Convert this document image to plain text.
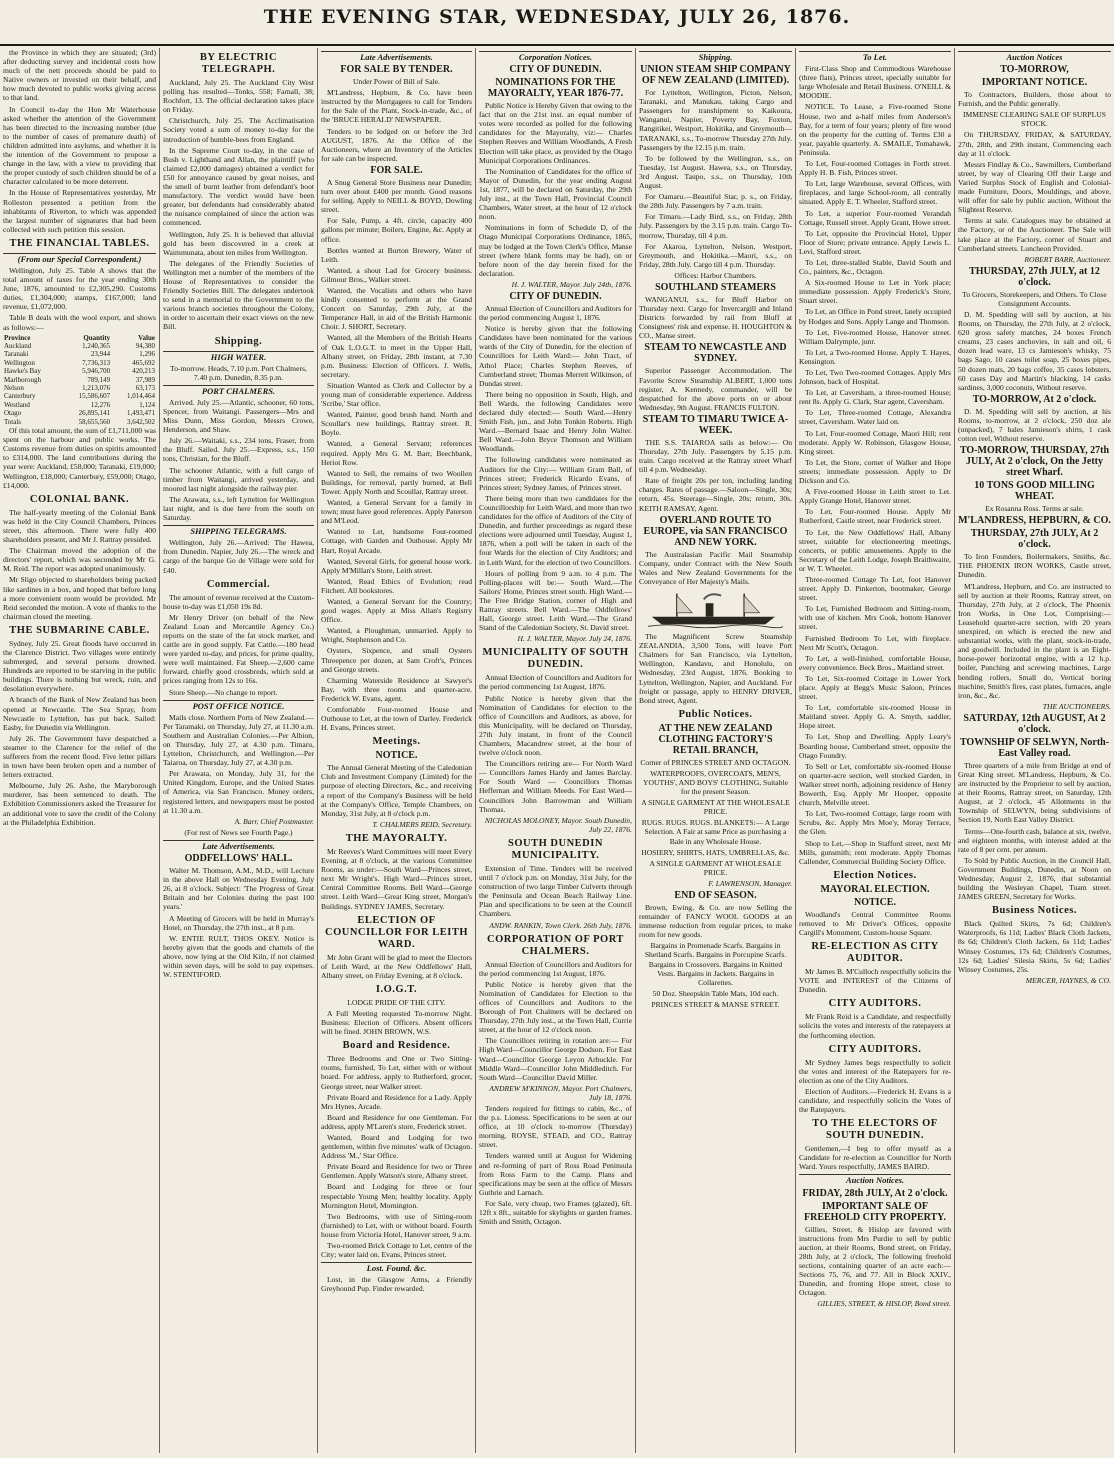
THE EVENING STAR, WEDNESDAY, JULY 26, 1876.

the Province in which they are situated; (3rd) after deducting survey and incidental costs how much of the nett proceeds should be paid to Native owners or invested on their behalf, and how much devoted to public works giving access to that land.

In Council to-day the Hon Mr Waterhouse asked whether the attention of the Government has been directed to the increasing number (due to the number of cases of premature death) of children admitted into asylums, and whether it is the intention of the Government to propose a change in the law, with a view to providing that the proper custody of such children should be of a character calculated to be more deterrent.

In the House of Representatives yesterday, Mr Rolleston presented a petition from the inhabitants of Riverton, to which was appended the largest number of signatures that had been collected with such petition this session.

THE FINANCIAL TABLES.
(From our Special Correspondent.)

Wellington, July 25. Table A shows that the total amount of taxes for the year ending 30th June, 1876, amounted to £2,305,290. Customs duties, £1,304,000; stamps, £167,000; land revenue, £1,072,000.

Table B deals with the wool export, and shows as follows:—

Province	Quantity	Value
Auckland	1,240,365	94,380
Taranaki	23,944	1,296
Wellington	7,736,313	465,692
Hawke's Bay	5,946,700	420,213
Marlborough	789,149	37,989
Nelson	1,213,076	63,173
Canterbury	15,586,607	1,014,464
Westland	12,276	1,124
Otago	26,895,141	1,493,471
Totals	58,655,560	3,642,502

Of this total amount, the sum of £1,711,000 was spent on the harbour and public works. The Customs revenue from duties on spirits amounted to £314,000. The land contributions during the year were: Auckland, £58,000; Taranaki, £19,000; Wellington, £18,000; Canterbury, £59,000; Otago, £14,000.

COLONIAL BANK.

The half-yearly meeting of the Colonial Bank was held in the City Council Chambers, Princes street, this afternoon. There were fully 400 shareholders present, and Mr J. Rattray presided.

The Chairman moved the adoption of the directors' report, which was seconded by Mr G. M. Reid. The report was adopted unanimously.

Mr Sligo objected to shareholders being packed like sardines in a box, and hoped that before long a more convenient room would be provided. Mr Reid seconded the motion. A vote of thanks to the chairman closed the meeting.

THE SUBMARINE CABLE.

Sydney, July 25. Great floods have occurred in the Clarence District. Two villages were entirely submerged, and several persons drowned. Hundreds are reported to be starving in the public buildings. There is nothing but wreck, ruin, and desolation everywhere.

A branch of the Bank of New Zealand has been opened at Newcastle. The Sea Spray, from Newcastle to Lyttelton, has put back. Sailed: Easby, for Dunedin via Wellington.

July 26. The Government have despatched a steamer to the Clarence for the relief of the sufferers from the recent flood. Five letter pillars in town have been broken open and a number of letters extracted.

Melbourne, July 26. Ashe, the Maryborough murderer, has been sentenced to death. The Exhibition Commissioners asked the Treasurer for an additional vote to save the credit of the Colony at the Philadelphia Exhibition.

BY ELECTRIC TELEGRAPH.

Auckland, July 25. The Auckland City West polling has resulted—Tonks, 558; Farnall, 38; Rochfort, 13. The official declaration takes place on Friday.

Christchurch, July 25. The Acclimatisation Society voted a sum of money to-day for the introduction of humble-bees from England.

In the Supreme Court to-day, in the case of Bush v. Lighthand and Allan, the plaintiff (who claimed £2,000 damages) obtained a verdict for £50 for annoyance caused by great noises, and the smell of burnt leather from defendant's boot manufactory. The verdict would have been greater, but defendants had considerably abated the nuisance complained of since the action was commenced.

Wellington, July 25. It is believed that alluvial gold has been discovered in a creek at Waimmunata, about ten miles from Wellington.

The delegates of the Friendly Societies of Wellington met a number of the members of the House of Representatives to consider the Friendly Societies Bill. The delegates undertook to send in a memorial to the Government to the various branch societies throughout the Colony, in order to ascertain their exact views on the new Bill.

Shipping.
HIGH WATER.

To-morrow. Heads, 7.10 p.m. Port Chalmers, 7.40 p.m. Dunedin, 8.35 p.m.

PORT CHALMERS.

Arrived. July 25.—Atlantic, schooner, 60 tons, Spencer, from Waitangi. Passengers—Mrs and Miss Dunn, Miss Gordon, Messrs Crowe, Henderson, and Shaw.

July 26.—Waitaki, s.s., 234 tons, Fraser, from the Bluff. Sailed. July 25.—Express, s.s., 150 tons, Christian, for the Bluff.

The schooner Atlantic, with a full cargo of timber from Waitangi, arrived yesterday, and moored last night alongside the railway pier.

The Arawata, s.s., left Lyttelton for Wellington last night, and is due here from the south on Saturday.

SHIPPING TELEGRAMS.

Wellington, July 26.—Arrived: The Hawea, from Dunedin. Napier, July 26.—The wreck and cargo of the barque Go de Village were sold for £40.

Commercial.

The amount of revenue received at the Custom-house to-day was £1,050 19s 8d.

Mr Henry Driver (on behalf of the New Zealand Loan and Mercantile Agency Co.) reports on the state of the fat stock market, and cattle are in good supply. Fat Cattle.—180 head were yarded to-day, and prices, for prime quality, were well maintained. Fat Sheep.—2,600 came forward, chiefly good crossbreds, which sold at prices ranging from 12s to 16s.

Store Sheep.—No change to report.

POST OFFICE NOTICE.

Mails close. Northern Ports of New Zealand.—Per Taramaki, on Thursday, July 27, at 11.30 a.m. Southern and Australian Colonies.—Per Albion, on Thursday, July 27, at 4.30 p.m. Timaru, Lyttelton, Christchurch, and Wellington.—Per Taiaroa, on Thursday, July 27, at 4.30 p.m.

Per Arawata, on Monday, July 31, for the United Kingdom, Europe, and the United States of America, via San Francisco. Money orders, registered letters, and newspapers must be posted at 11.30 a.m.

A. Barr, Chief Postmaster.

(For rest of News see Fourth Page.)

Late Advertisements.
ODDFELLOWS' HALL.

Walter M. Thomson, A.M., M.D., will Lecture in the above Hall on Wednesday Evening, July 26, at 8 o'clock. Subject: 'The Progress of Great Britain and her Colonies during the past 100 years.'

A Meeting of Grocers will be held in Murray's Hotel, on Thursday, the 27th inst., at 8 p.m.

W. ENTIE RULT, THOS OKEY. Notice is hereby given that the goods and chattels of the above, now lying at the Old Kiln, if not claimed within seven days, will be sold to pay expenses. W. STENTIFORD.

Late Advertisements.
FOR SALE BY TENDER.

Under Power of Bill of Sale.

M'Landress, Hepburn, & Co. have been instructed by the Mortgagees to call for Tenders for the Sale of the Plant, Stock-in-trade, &c., of the 'BRUCE HERALD' NEWSPAPER.

Tenders to be lodged on or before the 3rd AUGUST, 1876. At the Office of the Auctioneers, where an Inventory of the Articles for sale can be inspected.

FOR SALE.

A Snug General Store Business near Dunedin; turn over about £400 per month. Good reasons for selling. Apply to NEILL & BOYD, Dowling street.

For Sale, Pump, a 4ft. circle, capacity 400 gallons per minute; Boilers, Engine, &c. Apply at office.

Bottles wanted at Burton Brewery, Water of Leith.

Wanted, a shout Lad for Grocery business. Gilmour Bros., Walker street.

Wanted, the Vocalists and others who have kindly consented to perform at the Grand Concert on Saturday, 29th July, at the Temperance Hall, in aid of the British Harmonic Choir. J. SHORT, Secretary.

Wanted, all the Members of the British Hearts of Oak L.O.G.T. to meet in the Upper Hall, Albany street, on Friday, 28th instant, at 7.30 p.m. Business: Election of Officers. J. Wells, secretary.

Situation Wanted as Clerk and Collector by a young man of considerable experience. Address 'Scribe,' Star office.

Wanted, Painter, good brush hand. North and Scoullar's new buildings, Rattray street. R. Boyle.

Wanted, a General Servant; references required. Apply Mrs G. M. Barr, Beechbank, Heriot Row.

Wanted to Sell, the remains of two Woollen Buildings, for removal, partly burned, at Bell Tower. Apply North and Scoullar, Rattray street.

Wanted, a General Servant for a family in town; must have good references. Apply Paterson and M'Leod.

Wanted to Let, handsome Four-roomed Cottage, with Garden and Outhouse. Apply Mr Hart, Royal Arcade.

Wanted, Several Girls, for general house work. Apply M'Millan's Store, Leith street.

Wanted, Read Ethics of Evolution; read Fitchett. All bookstores.

Wanted, a General Servant for the Country; good wages. Apply at Miss Allan's Registry Office.

Wanted, a Ploughman, unmarried. Apply to Wright, Stephenson and Co.

Oysters, Sixpence, and small Oysters Threepence per dozen, at Sam Croft's, Princes and George streets.

Charming Waterside Residence at Sawyer's Bay, with three rooms and quarter-acre. Frederick W. Evans, agent.

Comfortable Four-roomed House and Outhouse to Let, at the town of Darley. Frederick H. Evans, Princes street.

Meetings.
NOTICE.

The Annual General Meeting of the Caledonian Club and Investment Company (Limited) for the purpose of electing Directors, &c., and receiving a report of the Company's Business will be held at the Company's Office, Temple Chambers, on Monday, 31st July, at 8 o'clock p.m.

T. CHALMERS REID, Secretary.

THE MAYORALTY.

Mr Reeves's Ward Committees will meet Every Evening, at 8 o'clock, at the various Committee Rooms, as under:—South Ward—Princes street, next Mr Wright's. High Ward—Princes street, Central Committee Rooms. Bell Ward—George street. Leith Ward—Great King street, Morgan's Buildings. SYDNEY JAMES, Secretary.

ELECTION OF COUNCILLOR FOR LEITH WARD.

Mr John Grant will be glad to meet the Electors of Leith Ward, at the New Oddfellows' Hall, Albany street, on Friday Evening, at 8 o'clock.

I.O.G.T.

LODGE PRIDE OF THE CITY.

A Full Meeting requested To-morrow Night. Business: Election of Officers. Absent officers will be fined. JOHN BROWN, W.S.

Board and Residence.

Three Bedrooms and One or Two Sitting-rooms, furnished, To Let, either with or without board. For address, apply to Rutherford, grocer, George street, near Walker street.

Private Board and Residence for a Lady. Apply Mrs Hynes, Arcade.

Board and Residence for one Gentleman. For address, apply M'Laren's store, Frederick street.

Wanted, Board and Lodging for two gentlemen, within five minutes' walk of Octagon. Address 'M.,' Star Office.

Private Board and Residence for two or Three Gentlemen. Apply Watson's store, Albany street.

Board and Lodging for three or four respectable Young Men; healthy locality. Apply Mornington Hotel, Mornington.

Two Bedrooms, with use of Sitting-room (furnished) to Let, with or without board. Fourth house from Victoria Hotel, Hanover street, 9 a.m.

Two-roomed Brick Cottage to Let, centre of the City; water laid on. Evans, Princes street.

Lost. Found. &c.

Lost, in the Glasgow Arms, a Friendly Greyhound Pup. Finder rewarded.

Corporation Notices.
CITY OF DUNEDIN.
NOMINATIONS FOR THE MAYORALTY, YEAR 1876-77.

Public Notice is Hereby Given that owing to the fact that on the 21st inst. an equal number of votes were recorded as polled for the following candidates for the Mayoralty, viz:— Charles Stephen Reeves and William Woodlands, A Fresh Election will take place, as provided by the Otago Municipal Corporations Ordinances.

The Nomination of Candidates for the office of Mayor of Dunedin, for the year ending August 1st, 1877, will be declared on Saturday, the 29th July inst., at the Town Hall, Provincial Council Chambers, Water street, at the hour of 12 o'clock noon.

Nominations in form of Schedule D, of the Otago Municipal Corporations Ordinance, 1865, may be lodged at the Town Clerk's Office, Manse street (where blank forms may be had), on or before noon of the day herein fixed for the declaration.

H. J. WALTER, Mayor. July 24th, 1876.

CITY OF DUNEDIN.

Annual Election of Councillors and Auditors for the period commencing August 1, 1876.

Notice is hereby given that the following Candidates have been nominated for the various wards of the City of Dunedin, for the election of Councillors for Leith Ward:— John Tract, of Athol Place; Charles Stephen Reeves, of Cumberland street; Thomas Merrett Wilkinson, of Dundas street.

There being no opposition in South, High, and Bell Wards, the following Candidates were declared duly elected:— South Ward.—Henry Smith Fish, jun., and John Tonkin Roberts. High Ward.—Bernard Isaac and Henry John Walter. Bell Ward.—John Bryce Thomson and William Woodlands.

The following candidates were nominated as Auditors for the City:— William Gram Ball, of Princes street; Frederick Ricardo Evans, of Princes street; Sydney James, of Princes street.

There being more than two candidates for the Councillorship for Leith Ward, and more than two candidates for the office of Auditors of the City of Dunedin, and further proceedings as regard these elections were adjourned until Tuesday, August 1, 1876, when a poll will be taken in each of the four Wards for the election of City Auditors; and in Leith Ward, for the election of two Councillors.

Hours of polling from 9 a.m. to 4 p.m. The Polling-places will be:— South Ward.—The Sailors' Home, Princes street south. High Ward.—The Free Bridge Station, corner of High and Rattray streets. Bell Ward.—The Oddfellows' Hall, George street. Leith Ward.—The Grand Stand of the Caledonian Society, St. David street.

H. J. WALTER, Mayor. July 24, 1876.

MUNICIPALITY OF SOUTH DUNEDIN.

Annual Election of Councillors and Auditors for the period commencing 1st August, 1876.

Public Notice is hereby given that the Nomination of Candidates for election to the office of Councillors and Auditors, as above, for this Municipality, will be declared on Thursday, 27th July instant, in front of the Council Chambers, Macandrew street, at the hour of twelve o'clock noon.

The Councillors retiring are— For North Ward — Councillors James Hardy and James Barclay. For South Ward — Councillors Thomas Heffernan and William Meeds. For East Ward—Councillors John Barrowman and William Thomas.

NICHOLAS MOLONEY, Mayor. South Dunedin, July 22, 1876.

SOUTH DUNEDIN MUNICIPALITY.

Extension of Time. Tenders will be received until 7 o'clock p.m. on Monday, 31st July, for the construction of two large Timber Culverts through the Peninsula and Ocean Beach Railway Line. Plan and specifications to be seen at the Council Chambers.

ANDW. RANKIN, Town Clerk. 26th July, 1876.

CORPORATION OF PORT CHALMERS.

Annual Election of Councillors and Auditors for the period commencing 1st August, 1876.

Public Notice is hereby given that the Nomination of Candidates for Election to the offices of Councillors and Auditors to the Borough of Port Chalmers will be declared on Thursday, 27th July inst., at the Town Hall, Currie street, at the hour of 12 o'clock noon.

The Councillors retiring in rotation are:— For High Ward—Councillor George Dodson. For East Ward—Councillor George Leyon Arbuckle. For Middle Ward—Councillor John Middleditch. For South Ward—Councillor David Miller.

ANDREW M'KINNON, Mayor. Port Chalmers, July 18, 1876.

Tenders required for fittings to cabin, &c., of the p.s. Lioness. Specifications to be seen at our office, at 10 o'clock to-morrow (Thursday) morning. ROYSE, STEAD, and CO., Rattray street.

Tenders wanted until at August for Widening and re-forming of part of Ross Road Peninsula from Ross Farm to the Camp. Plans and specifications may be seen at the office of Messrs Guthrie and Larnach.

For Sale, very cheap, two Frames (glazed), 6ft. 12ft x 8ft., suitable for skylights or garden frames. Smith and Smith, Octagon.

Shipping.
UNION STEAM SHIP COMPANY OF NEW ZEALAND (LIMITED).

For Lyttelton, Wellington, Picton, Nelson, Taranaki, and Manukau, taking Cargo and Passengers for transhipment to Kaikoura, Wanganui, Napier, Poverty Bay, Foxton, Rangitikei, Westport, Hokitika, and Greymouth— TARANAKI, s.s., To-morrow Thursday 27th July. Passengers by the 12.15 p.m. train.

To be followed by the Wellington, s.s., on Tuesday, 1st August. Hawea, s.s., on Thursday, 3rd August. Taupo, s.s., on Thursday, 10th August.

For Oamaru.—Beautiful Star, p. s., on Friday, the 28th July. Passengers by 7 a.m. train.

For Timaru.—Lady Bird, s.s., on Friday, 28th July. Passengers by the 3.15 p.m. train. Cargo To-morrow, Thursday, till 4 p.m.

For Akaroa, Lyttelton, Nelson, Westport, Greymouth, and Hokitika.—Maori, s.s., on Friday, 28th July. Cargo till 4 p.m. Thursday.

Offices: Harbor Chambers.

SOUTHLAND STEAMERS

WANGANUI, s.s., for Bluff Harbor on Thursday next. Cargo for Invercargill and Inland Districts forwarded by rail from Bluff at Consignees' risk and expense. H. HOUGHTON & CO., Manse street.

STEAM TO NEWCASTLE AND SYDNEY.

Superior Passenger Accommodation. The Favorite Screw Steamship ALBERT, 1,000 tons register, A. Kennedy, commander, will be despatched for the above ports on or about Wednesday, 9th August. FRANCIS FULTON.

STEAM TO TIMARU TWICE A-WEEK.

THE S.S. TAIAROA sails as below:— On Thursday, 27th July. Passengers by 5.15 p.m. train. Cargo received at the Rattray street Wharf till 4 p.m. Wednesday.

Rate of freight 20s per ton, including landing charges. Rates of passage.—Saloon—Single, 30s; return, 45s. Steerage—Single, 20s; return, 30s. KEITH RAMSAY, Agent.

OVERLAND ROUTE TO EUROPE, via SAN FRANCISCO AND NEW YORK.

The Australasian Pacific Mail Steamship Company, under Contract with the New South Wales and New Zealand Governments for the Conveyance of Her Majesty's Mails.

The Magnificent Screw Steamship ZEALANDIA, 3,500 Tons, will leave Port Chalmers for San Francisco, via Lyttelton, Wellington, Kandavu, and Honolulu, on Wednesday, 23rd August, 1876. Booking to Lyttelton, Wellington, Napier, and Auckland. For freight or passage, apply to HENRY DRIVER, Bond street, Agent.

Public Notices.
AT THE NEW ZEALAND CLOTHING FACTORY'S RETAIL BRANCH,

Corner of PRINCES STREET AND OCTAGON.

WATERPROOFS, OVERCOATS, MEN'S, YOUTHS', AND BOYS' CLOTHING, Suitable for the present Season.

A SINGLE GARMENT AT THE WHOLESALE PRICE.

RUGS. RUGS. RUGS. BLANKETS:— A Large Selection. A Fair at same Price as purchasing a Bale in any Wholesale House.

HOSIERY, SHIRTS, HATS, UMBRELLAS, &c.

A SINGLE GARMENT AT WHOLESALE PRICE.

F. LAWRENSON, Manager.

END OF SEASON.

Brown, Ewing, & Co. are now Selling the remainder of FANCY WOOL GOODS at an immense reduction from regular prices, to make room for new goods.

Bargains in Promenade Scarfs. Bargains in Shetland Scarfs. Bargains in Porcupine Scarfs. Bargains in Crossovers. Bargains in Knitted Vests. Bargains in Jackets. Bargains in Collarettes.

50 Doz. Sheepskin Table Mats, 10d each.

PRINCES STREET & MANSE STREET.

To Let.

First-Class Shop and Commodious Warehouse (three flats), Princes street, specially suitable for large Wholesale and Retail Business. O'NEILL & MOODIE.

NOTICE. To Lease, a Five-roomed Stone House, two and a-half miles from Anderson's Bay, for a term of four years; plenty of fire wood on the property for the cutting of. Terms £30 a year, payable quarterly. A. SMAILE, Tomahawk, Peninsula.

To Let, Four-roomed Cottages in Forth street. Apply H. B. Fish, Princes street.

To Let, large Warehouse, several Offices, with fireplaces, and large School-room, all centrally situated. Apply E. T. Wheeler, Stafford street.

To Let, a superior Four-roomed Verandah Cottage, Russell street. Apply Grant, Howe street.

To Let, opposite the Provincial Hotel, Upper Floor of Store; private entrance. Apply Lewis L. Levi, Stafford street.

To Let, three-stalled Stable, David South and Co., painters, &c., Octagon.

A Six-roomed House to Let in York place; immediate possession. Apply Frederick's Store, Stuart street.

To Let, an Office in Pond street, lately occupied by Hodges and Sons. Apply Lange and Thomson.

To Let, Five-roomed House, Hanover street. William Dalrymple, junr.

To Let, a Two-roomed House. Apply T. Hayes, Kensington.

To Let, Two Two-roomed Cottages. Apply Mrs Johnson, back of Hospital.

To Let, at Caversham, a three-roomed House; rent 8s. Apply G. Clark, Star agent, Caversham.

To Let, Three-roomed Cottage, Alexandra street, Caversham. Water laid on.

To Let, Four-roomed Cottage, Maori Hill; rent moderate. Apply W. Robinson, Glasgow House, King street.

To Let, the Store, corner of Walker and Hope streets; immediate possession. Apply to Dr Dickson and Co.

A Five-roomed House in Leith street to Let. Apply Grange Hotel, Hanover street.

To Let, Four-roomed House. Apply Mr Rutherford, Castle street, near Frederick street.

To Let, the New Oddfellows' Hall, Albany street, suitable for electioneering meetings, concerts, or public amusements. Apply to the Secretary of the Leith Lodge, Joseph Braithwaite, or W. T. Wheeler.

Three-roomed Cottage To Let, foot Hanover street. Apply D. Pinkerton, bootmaker, George street.

To Let, Furnished Bedroom and Sitting-room, with use of kitchen. Mrs Cook, bottom Hanover street.

Furnished Bedroom To Let, with fireplace. Next Mr Scott's, Octagon.

To Let, a well-finished, comfortable House, every convenience. Beck Bros., Maitland street.

To Let, Six-roomed Cottage in Lower York place. Apply at Begg's Music Saloon, Princes street.

To Let, comfortable six-roomed House in Maitland street. Apply G. A. Smyth, saddler, Hope street.

To Let, Shop and Dwelling. Apply Leary's Boarding house, Cumberland street, opposite the Otago Foundry.

To Sell or Let, comfortable six-roomed House on quarter-acre section, well stocked Garden, in Walker street north, adjoining residence of Henry Bowerth, Esq. Apply Mr Hooper, opposite church, Melville street.

To Let, Two-roomed Cottage, large room with Scrubs, &c. Apply Mrs Moe'y, Moray Terrace, the Glen.

Shop to Let,—Shop in Stafford street, next Mr Mills, gunsmith; rent moderate. Apply Thomas Callender, Commercial Building Society Office.

Election Notices.
MAYORAL ELECTION.
NOTICE.

Woodland's Central Committee Rooms removed to Mr Driver's Offices, opposite Cargill's Monument, Custom-house Square.

RE-ELECTION AS CITY AUDITOR.

Mr James B. M'Culloch respectfully solicits the VOTE and INTEREST of the Citizens of Dunedin.

CITY AUDITORS.

Mr Frank Reid is a Candidate, and respectfully solicits the votes and interests of the ratepayers at the forthcoming election.

CITY AUDITORS.

Mr Sydney James begs respectfully to solicit the votes and interest of the Ratepayers for re-election as one of the City Auditors.

Election of Auditors.—Frederick H. Evans is a candidate, and respectfully solicits the Votes of the Ratepayers.

TO THE ELECTORS OF SOUTH DUNEDIN.

Gentlemen,—I beg to offer myself as a Candidate for re-election as Councillor for North Ward. Yours respectfully, JAMES BAIRD.

Auction Notices.
FRIDAY, 28th JULY, At 2 o'clock.
IMPORTANT SALE OF FREEHOLD CITY PROPERTY.

Gillies, Street, & Hislop are favored with instructions from Mrs Purdie to sell by public auction, at their Rooms, Bond street, on Friday, 28th July, at 2 o'clock, The following freehold sections, containing quarter of an acre each:— Sections 75, 76, and 77. All in Block XXIV., Dunedin, and fronting Hope street, close to Octagon.

GILLIES, STREET, & HISLOP, Bond street.

Auction Notices
TO-MORROW,
IMPORTANT NOTICE.

To Contractors, Builders, those about to Furnish, and the Public generally.

IMMENSE CLEARING SALE OF SURPLUS STOCK.

On THURSDAY, FRIDAY, & SATURDAY, 27th, 28th, and 29th instant, Commencing each day at 11 o'clock.

Messrs Findlay & Co., Sawmillers, Cumberland street, by way of Clearing Off their Large and Varied Surplus Stock of English and Colonial-made Furniture, Doors, Mouldings, and above, will offer for sale by public auction, Without the Slightest Reserve.

Terms at sale. Catalogues may be obtained at the Factory, or of the Auctioneer. The Sale will take place at the Factory, corner of Stuart and Cumberland streets. Luncheon Provided.

ROBERT BARR, Auctioneer.

THURSDAY, 27th JULY, at 12 o'clock.

To Grocers, Storekeepers, and Others. To Close Consignment Accounts.

D. M. Spedding will sell by auction, at his Rooms, on Thursday, the 27th July, at 2 o'clock, 620 gross safety matches, 24 boxes French creams, 23 cases anchovies, in salt and oil, 6 dozen lead ware, 13 cs Jamieson's whisky, 75 bags Sago, 10 cases toilet soap, 25 boxes pipes, 50 dozen mats, 20 bags coffee, 35 cases lobsters, 60 cases Day and Martin's blacking, 14 casks sardines, 3,000 coconuts, Without reserve.

TO-MORROW, At 2 o'clock.

D. M. Spedding will sell by auction, at his Rooms, to-morrow, at 2 o'clock, 250 doz ale (unpacked), 7 bales Jamieson's shirts, 1 cask cotton reel, Without reserve.

TO-MORROW, THURSDAY, 27th JULY, At 2 o'clock, On the Jetty street Wharf.
10 TONS GOOD MILLING WHEAT.

Ex Rosanna Ross. Terms at sale.

M'LANDRESS, HEPBURN, & CO.
THURSDAY, 27th JULY, At 2 o'clock.

To Iron Founders, Boilermakers, Smiths, &c. THE PHOENIX IRON WORKS, Castle street, Dunedin.

M'Landress, Hepburn, and Co. are instructed to sell by auction at their Rooms, Rattray street, on Thursday, 27th July, at 2 o'clock, The Phoenix Iron Works, in One Lot, Comprising:— Leasehold quarter-acre section, with 20 years unexpired, on which is erected the new and substantial works, with the plant, stock-in-trade, and goodwill. Included in the plant is an Eight-horse-power horizontal engine, with a 12 h.p. boiler, Punching and screwing machines, Large bending rollers, Small do, Vertical boring machine, Smith's fires, cast plates, furnaces, angle iron, &c., &c.

THE AUCTIONEERS.

SATURDAY, 12th AUGUST, At 2 o'clock.
TOWNSHIP OF SELWYN, North-East Valley road.

Three quarters of a mile from Bridge at end of Great King street. M'Landress, Hepburn, & Co. are instructed by the Proprietor to sell by auction, at their Rooms, Rattray street, on Saturday, 12th August, at 2 o'clock, 45 Allotments in the Township of SELWYN, being subdivisions of Section 19, North East Valley District.

Terms—One-fourth cash, balance at six, twelve, and eighteen months, with interest added at the rate of 8 per cent. per annum.

To Sold by Public Auction, in the Council Hall, Government Buildings, Dunedin, at Noon on Wednesday, August 2, 1876, that substantial building the Wesleyan Chapel, Tuam street. JAMES GREEN, Secretary for Works.

Business Notices.

Black Quilted Skirts, 7s 6d; Children's Waterproofs, 6s 11d; Ladies' Black Cloth Jackets, 8s 6d; Children's Cloth Jackets, 6s 11d; Ladies' Winsey Costumes, 17s 6d; Children's Costumes, 12s 6d; Ladies' Silesia Skirts, 5s 6d; Ladies' Winsey Costumes, 25s.

MERCER, HAYNES, & CO.
